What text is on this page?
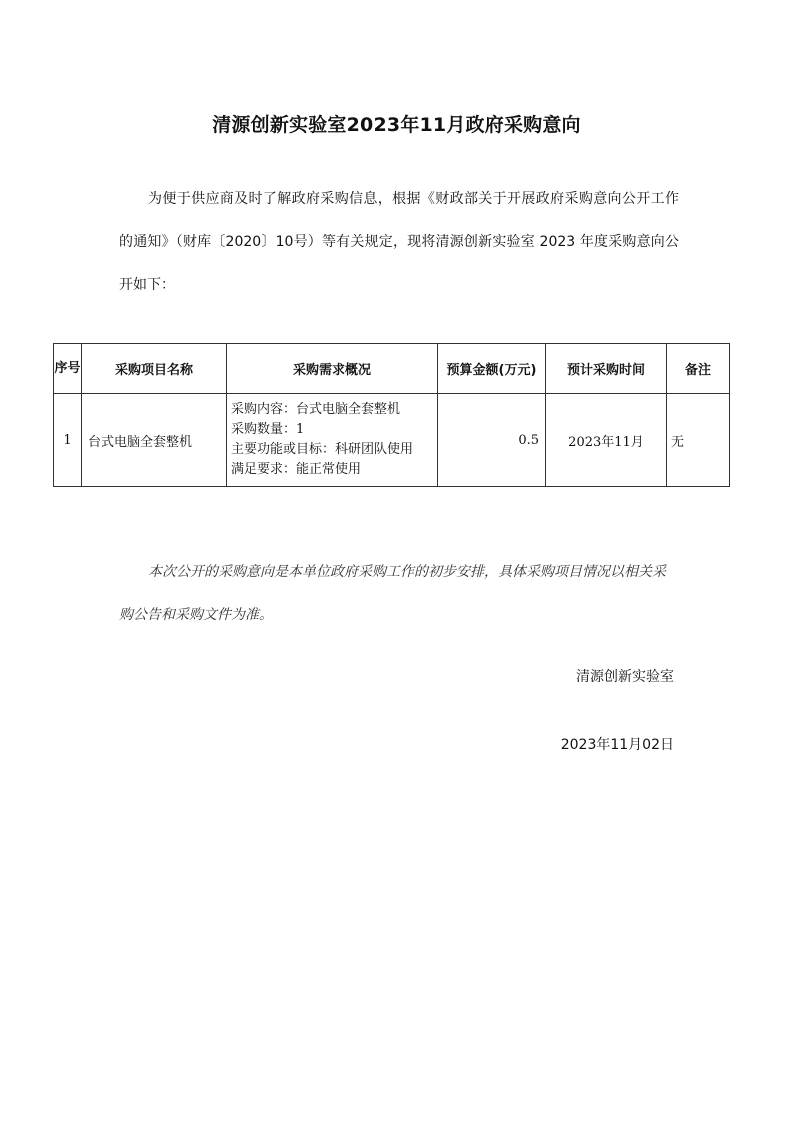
清源创新实验室2023年11月政府采购意向
为便于供应商及时了解政府采购信息，根据《财政部关于开展政府采购意向公开工作的通知》（财库〔2020〕10号）等有关规定，现将清源创新实验室 2023 年度采购意向公开如下：
序号	采购项目名称	采购需求概况	预算金额(万元)	预计采购时间	备注
1	台式电脑全套整机	采购内容：台式电脑全套整机
采购数量：1
主要功能或目标：科研团队使用
满足要求：能正常使用	0.5	2023年11月	无
本次公开的采购意向是本单位政府采购工作的初步安排，具体采购项目情况以相关采购公告和采购文件为准。
清源创新实验室
2023年11月02日
